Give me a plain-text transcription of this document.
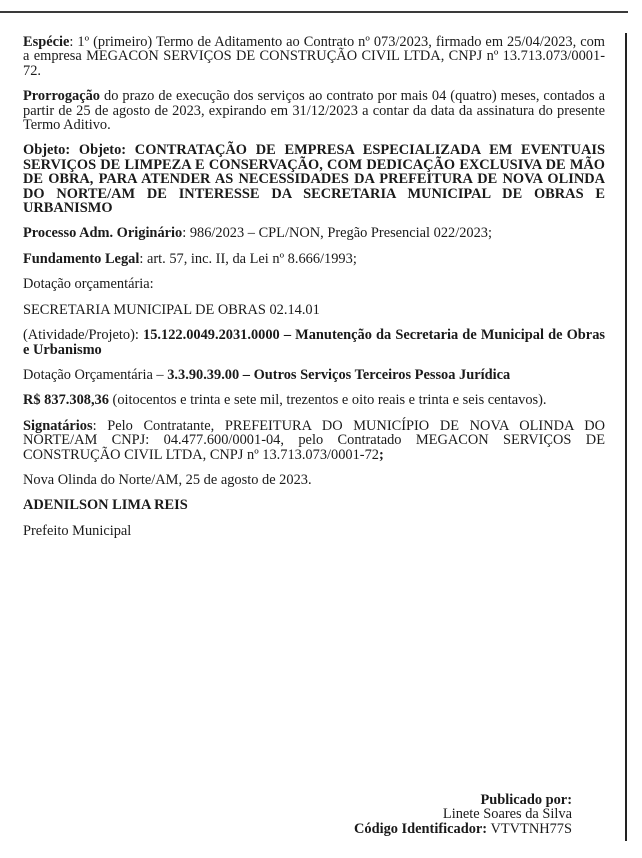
Espécie: 1º (primeiro) Termo de Aditamento ao Contrato nº 073/2023, firmado em 25/04/2023, com a empresa MEGACON SERVIÇOS DE CONSTRUÇÃO CIVIL LTDA, CNPJ nº 13.713.073/0001-72.

Prorrogação do prazo de execução dos serviços ao contrato por mais 04 (quatro) meses, contados a partir de 25 de agosto de 2023, expirando em 31/12/2023 a contar da data da assinatura do presente Termo Aditivo.

Objeto: Objeto: CONTRATAÇÃO DE EMPRESA ESPECIALIZADA EM EVENTUAIS SERVIÇOS DE LIMPEZA E CONSERVAÇÃO, COM DEDICAÇÃO EXCLUSIVA DE MÃO DE OBRA, PARA ATENDER AS NECESSIDADES DA PREFEITURA DE NOVA OLINDA DO NORTE/AM DE INTERESSE DA SECRETARIA MUNICIPAL DE OBRAS E URBANISMO

Processo Adm. Originário: 986/2023 – CPL/NON, Pregão Presencial 022/2023;

Fundamento Legal: art. 57, inc. II, da Lei nº 8.666/1993;

Dotação orçamentária:

SECRETARIA MUNICIPAL DE OBRAS 02.14.01

(Atividade/Projeto): 15.122.0049.2031.0000 – Manutenção da Secretaria de Municipal de Obras e Urbanismo

Dotação Orçamentária – 3.3.90.39.00 – Outros Serviços Terceiros Pessoa Jurídica

R$ 837.308,36 (oitocentos e trinta e sete mil, trezentos e oito reais e trinta e seis centavos).

Signatários: Pelo Contratante, PREFEITURA DO MUNICÍPIO DE NOVA OLINDA DO NORTE/AM CNPJ: 04.477.600/0001-04, pelo Contratado MEGACON SERVIÇOS DE CONSTRUÇÃO CIVIL LTDA, CNPJ nº 13.713.073/0001-72;

Nova Olinda do Norte/AM, 25 de agosto de 2023.

ADENILSON LIMA REIS

Prefeito Municipal

Publicado por:
Linete Soares da Silva
Código Identificador: VTVTNH77S
